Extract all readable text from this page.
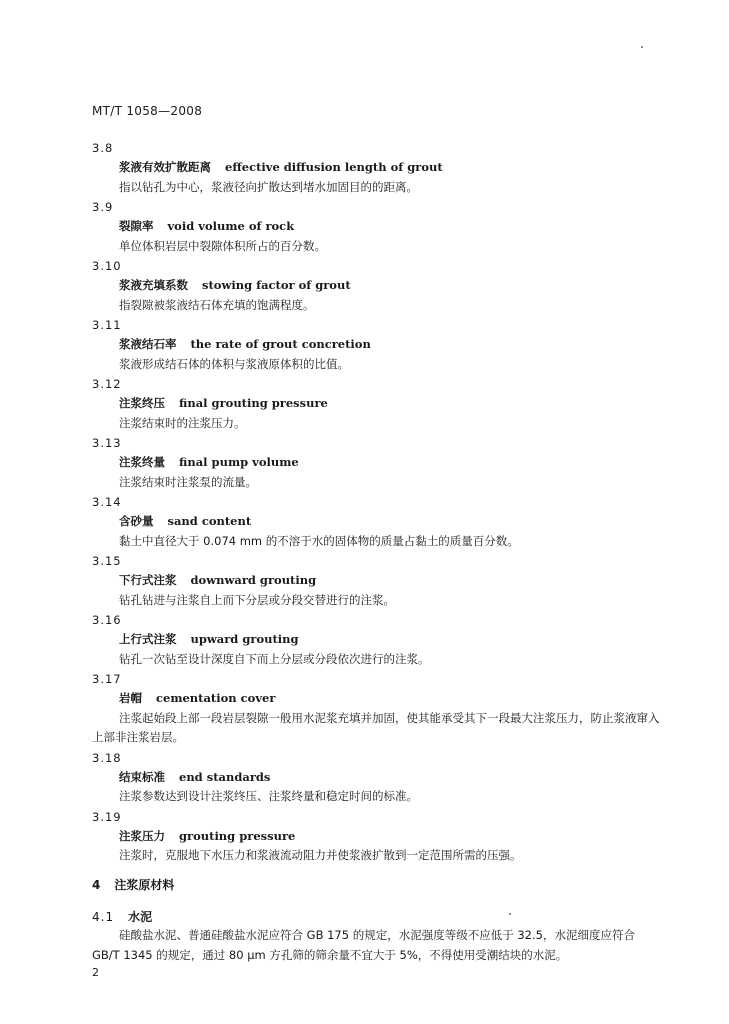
MT/T 1058—2008
3.8
浆液有效扩散距离 effective diffusion length of grout
指以钻孔为中心，浆液径向扩散达到堵水加固目的的距离。
3.9
裂隙率 void volume of rock
单位体积岩层中裂隙体积所占的百分数。
3.10
浆液充填系数 stowing factor of grout
指裂隙被浆液结石体充填的饱满程度。
3.11
浆液结石率 the rate of grout concretion
浆液形成结石体的体积与浆液原体积的比值。
3.12
注浆终压 final grouting pressure
注浆结束时的注浆压力。
3.13
注浆终量 final pump volume
注浆结束时注浆泵的流量。
3.14
含砂量 sand content
黏土中直径大于 0.074 mm 的不溶于水的固体物的质量占黏土的质量百分数。
3.15
下行式注浆 downward grouting
钻孔钻进与注浆自上而下分层或分段交替进行的注浆。
3.16
上行式注浆 upward grouting
钻孔一次钻至设计深度自下而上分层或分段依次进行的注浆。
3.17
岩帽 cementation cover
注浆起始段上部一段岩层裂隙一般用水泥浆充填并加固，使其能承受其下一段最大注浆压力，防止浆液窜入上部非注浆岩层。
3.18
结束标准 end standards
注浆参数达到设计注浆终压、注浆终量和稳定时间的标准。
3.19
注浆压力 grouting pressure
注浆时，克服地下水压力和浆液流动阻力并使浆液扩散到一定范围所需的压强。
4 注浆原材料
4.1 水泥
硅酸盐水泥、普通硅酸盐水泥应符合 GB 175 的规定，水泥强度等级不应低于 32.5，水泥细度应符合 GB/T 1345 的规定，通过 80 μm 方孔筛的筛余量不宜大于 5%，不得使用受潮结块的水泥。
2
